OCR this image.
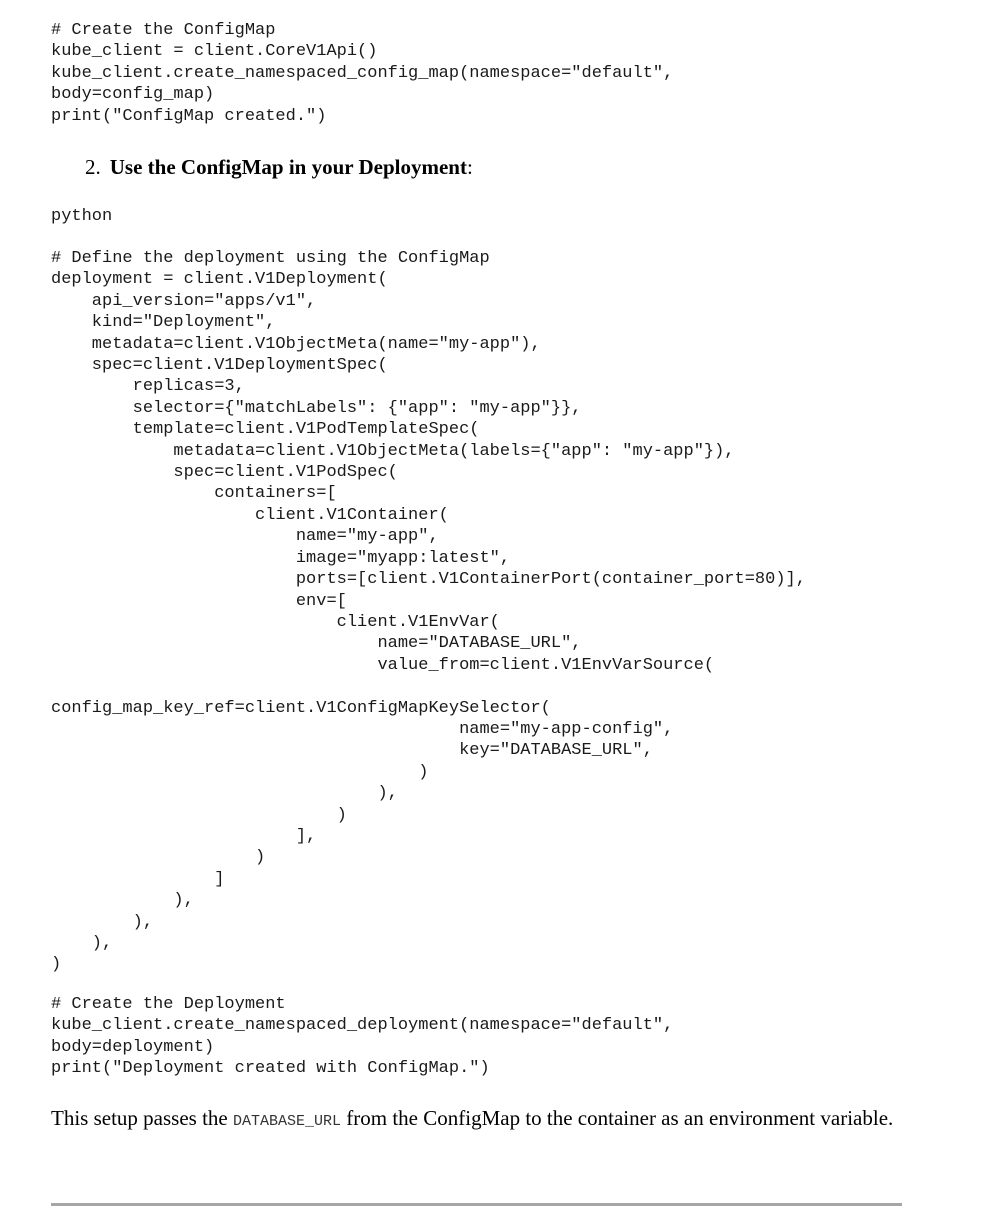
# Create the ConfigMap
kube_client = client.CoreV1Api()
kube_client.create_namespaced_config_map(namespace="default",
body=config_map)
print("ConfigMap created.")
2. Use the ConfigMap in your Deployment:
python
# Define the deployment using the ConfigMap
deployment = client.V1Deployment(
api_version="apps/v1",
kind="Deployment",
metadata=client.V1ObjectMeta(name="my-app"),
spec=client.V1DeploymentSpec(
replicas=3,
selector={"matchLabels": {"app": "my-app"}},
template=client.V1PodTemplateSpec(
metadata=client.V1ObjectMeta(labels={"app": "my-app"}),
spec=client.V1PodSpec(
containers=[
client.V1Container(
name="my-app",
image="myapp:latest",
ports=[client.V1ContainerPort(container_port=80)],
env=[
client.V1EnvVar(
name="DATABASE_URL",
value_from=client.V1EnvVarSource(

config_map_key_ref=client.V1ConfigMapKeySelector(
name="my-app-config",
key="DATABASE_URL",
)
),
)
],
)
]
),
),
),
)
# Create the Deployment
kube_client.create_namespaced_deployment(namespace="default",
body=deployment)
print("Deployment created with ConfigMap.")

This setup passes the DATABASE_URL from the ConfigMap to the container as an environment variable.
